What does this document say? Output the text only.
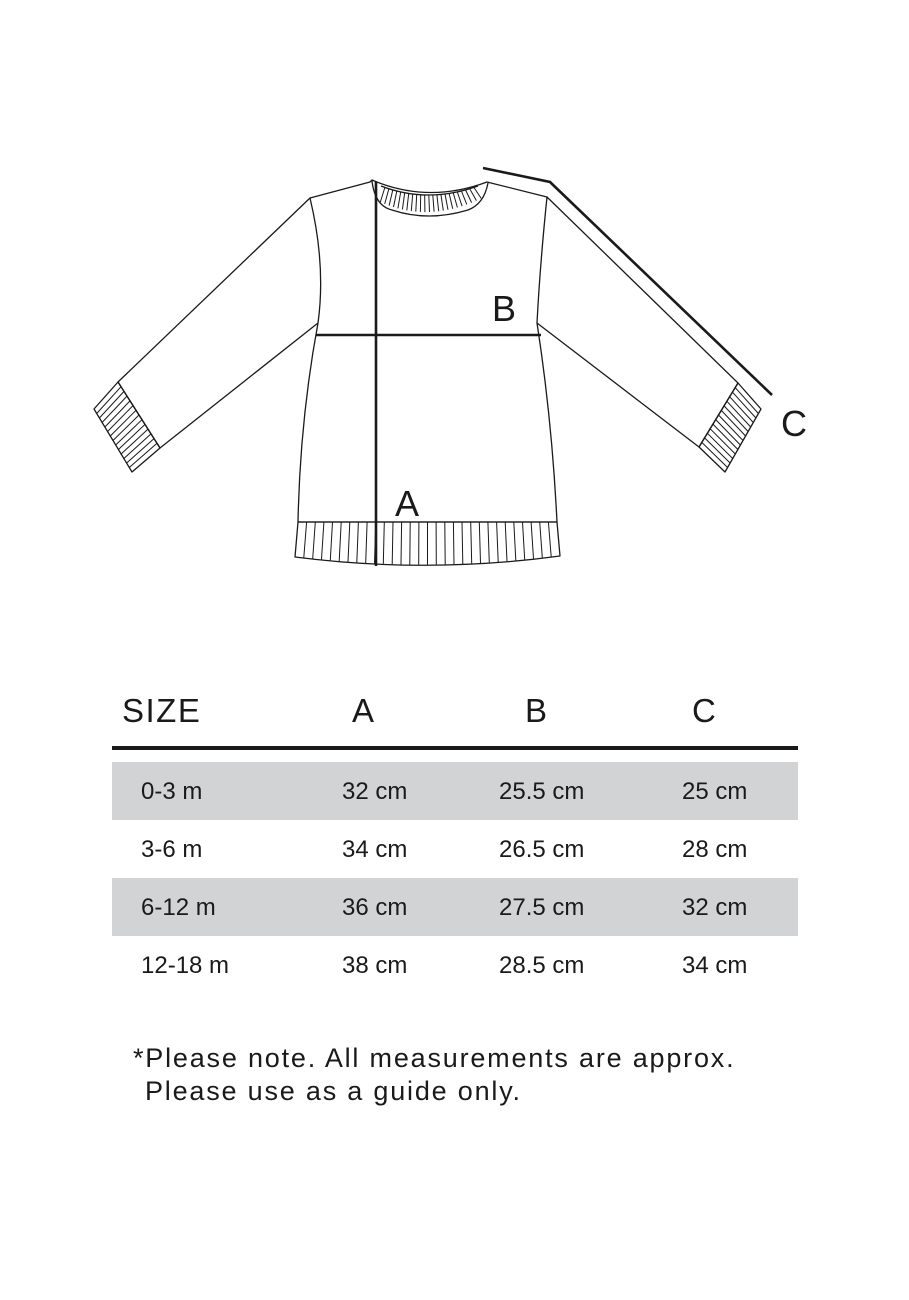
A
B
C
SIZE	A	B	C
0-3 m	32 cm	25.5 cm	25 cm
3-6 m	34 cm	26.5 cm	28 cm
6-12 m	36 cm	27.5 cm	32 cm
12-18 m	38 cm	28.5 cm	34 cm
*Please note. All measurements are approx.
Please use as a guide only.
